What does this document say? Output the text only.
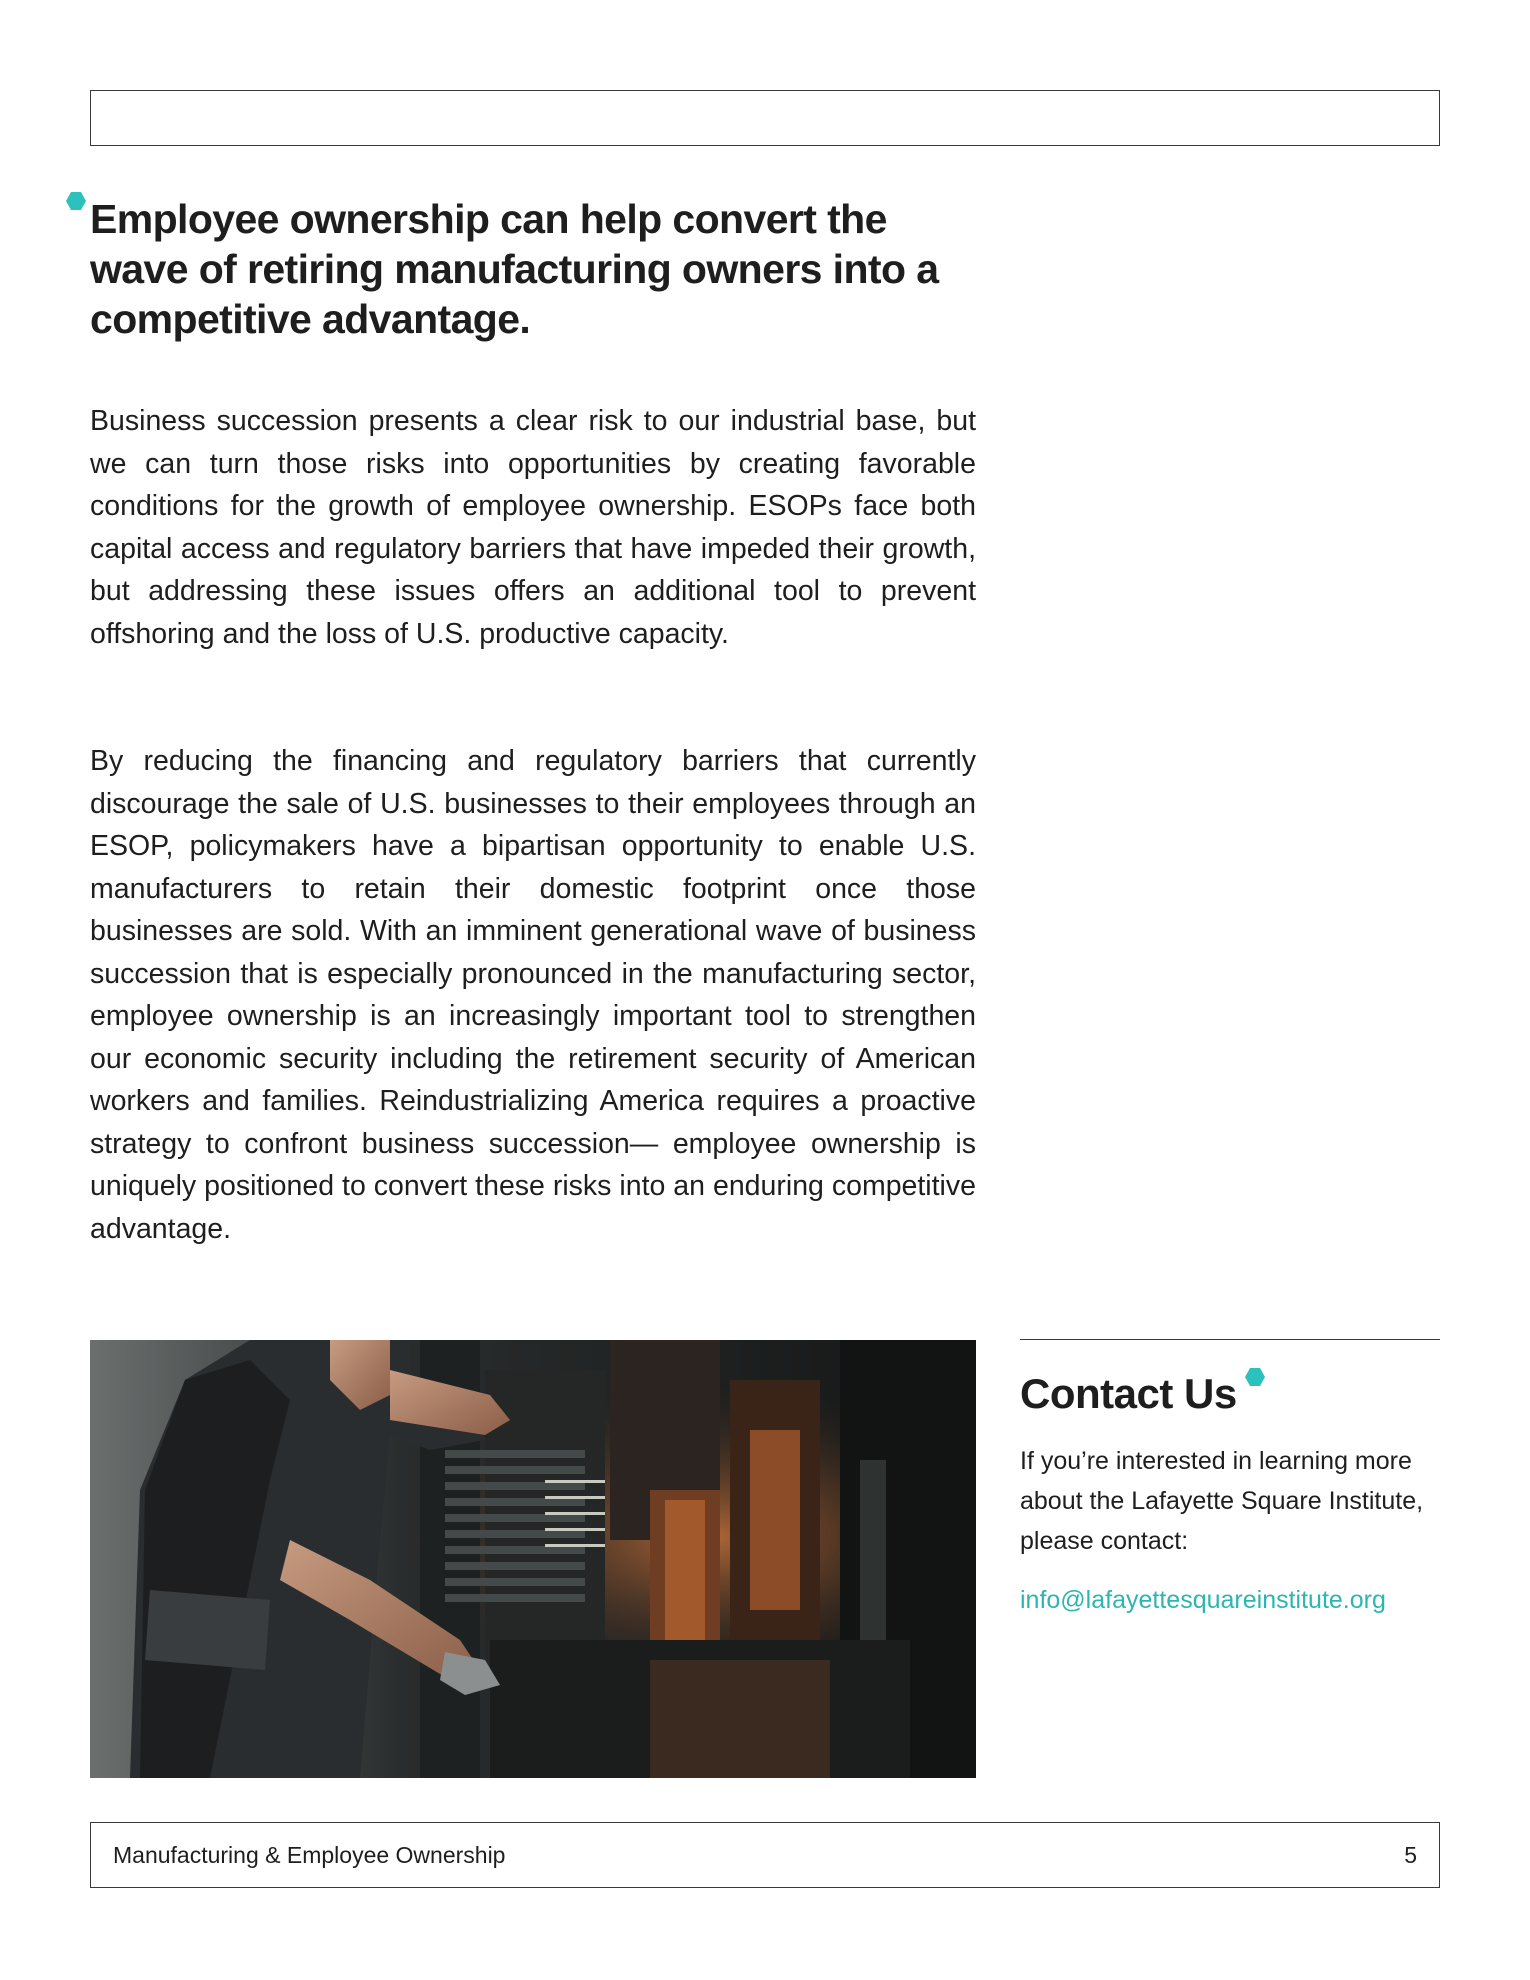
Employee ownership can help convert the wave of retiring manufacturing owners into a competitive advantage.

Business succession presents a clear risk to our industrial base, but we can turn those risks into opportunities by creating favorable conditions for the growth of employee ownership. ESOPs face both capital access and regulatory barriers that have impeded their growth, but addressing these issues offers an additional tool to prevent offshoring and the loss of U.S. productive capacity.

By reducing the financing and regulatory barriers that currently discourage the sale of U.S. businesses to their employees through an ESOP, policymakers have a bipartisan opportunity to enable U.S. manufacturers to retain their domestic footprint once those businesses are sold. With an imminent generational wave of business succession that is especially pronounced in the manufacturing sector, employee ownership is an increasingly important tool to strengthen our economic security including the retirement security of American workers and families. Reindustrializing America requires a proactive strategy to confront business succession— employee ownership is uniquely positioned to convert these risks into an enduring competitive advantage.

Contact Us

If you’re interested in learning more about the Lafayette Square Institute, please contact:

info@lafayettesquareinstitute.org
Manufacturing & Employee Ownership	5
